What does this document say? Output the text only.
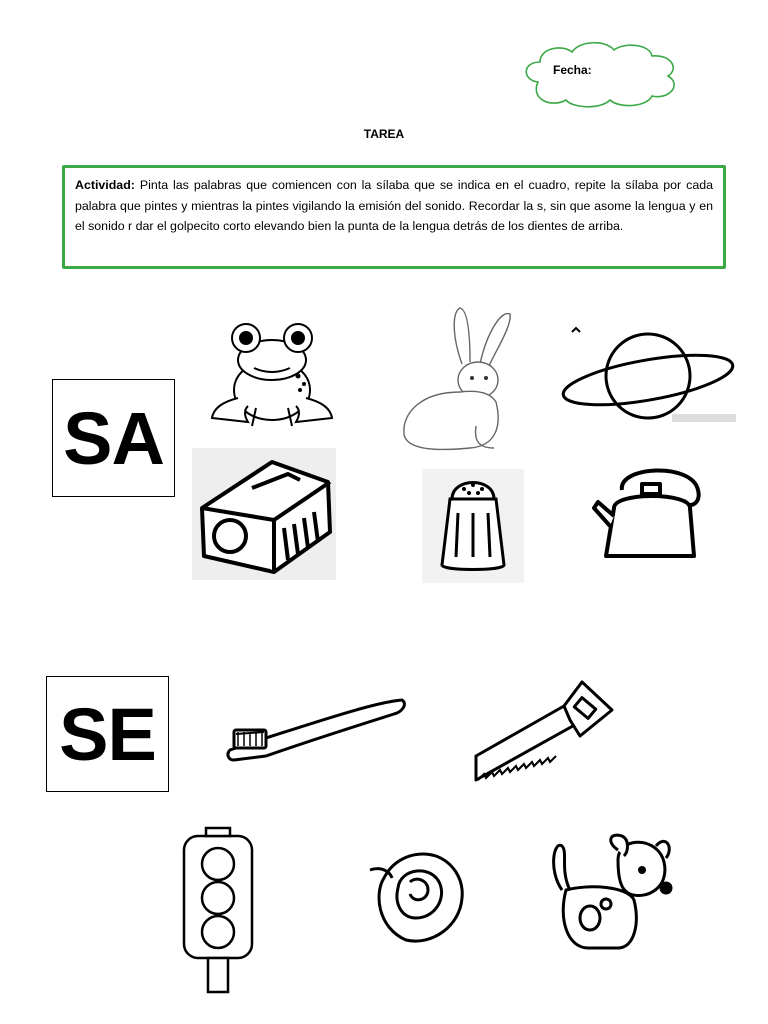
Fecha:
TAREA
Actividad: Pinta las palabras que comiencen con la sílaba que se indica en el cuadro, repite la sílaba por cada palabra que pintes y mientras la pintes vigilando la emisión del sonido. Recordar la s, sin que asome la lengua y en el sonido r dar el golpecito corto elevando bien la punta de la lengua detrás de los dientes de arriba.
SA
SE
